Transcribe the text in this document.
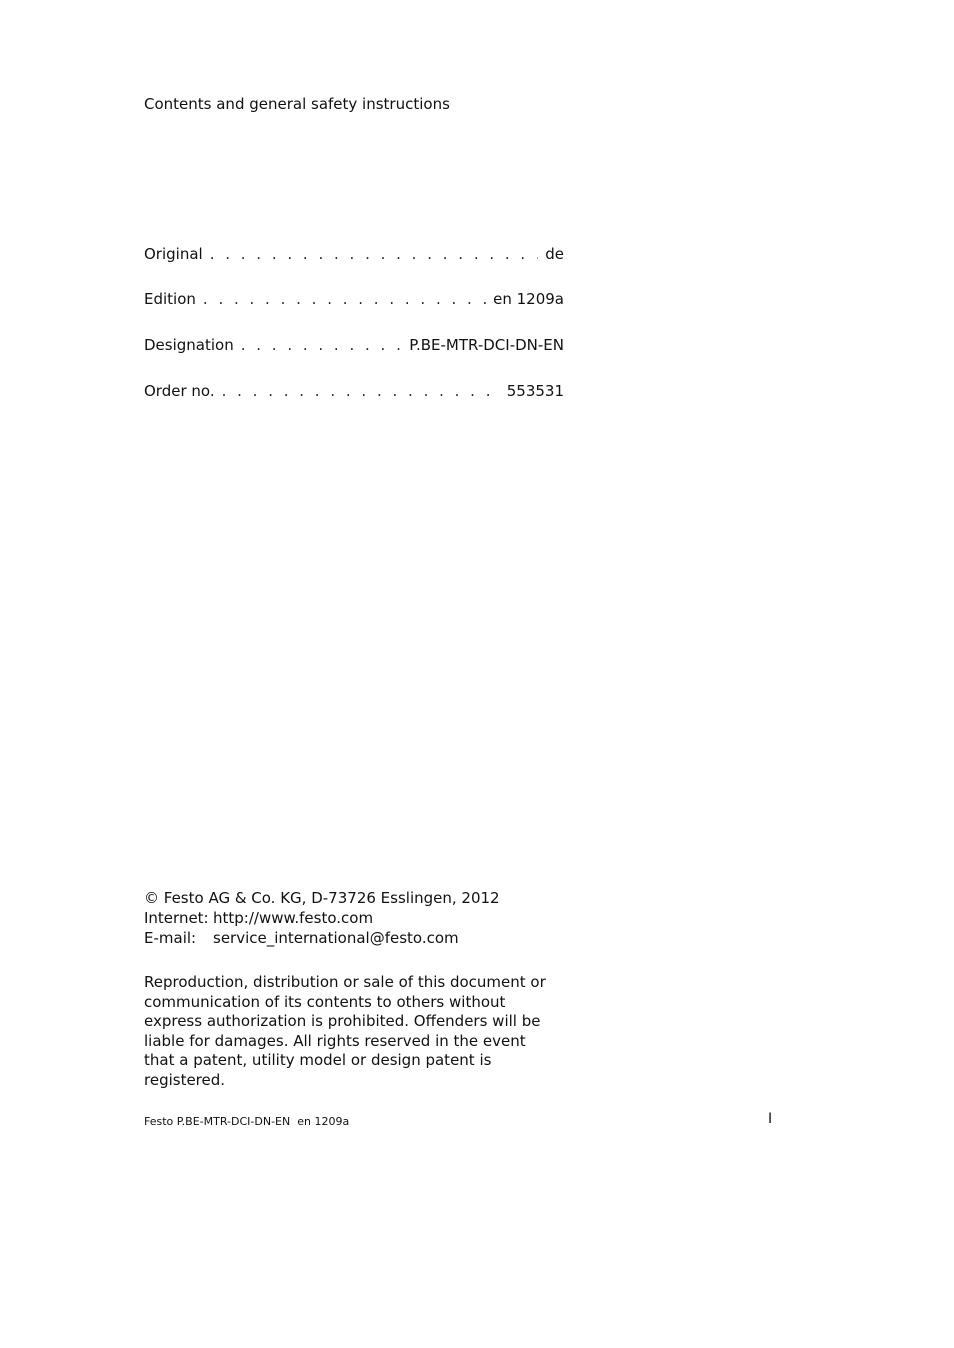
Contents and general safety instructions
Original . . .	de
Edition . . .	en 1209a
Designation . . .	P.BE-MTR-DCI-DN-EN
Order no. . . .	553531
© Festo AG & Co. KG, D-73726 Esslingen, 2012
Internet: http://www.festo.com
E-mail:	service_international@festo.com
Reproduction, distribution or sale of this document or communication of its contents to others without express authorization is prohibited. Offenders will be liable for damages. All rights reserved in the event that a patent, utility model or design patent is registered.
Festo P.BE-MTR-DCI-DN-EN  en 1209a	I
